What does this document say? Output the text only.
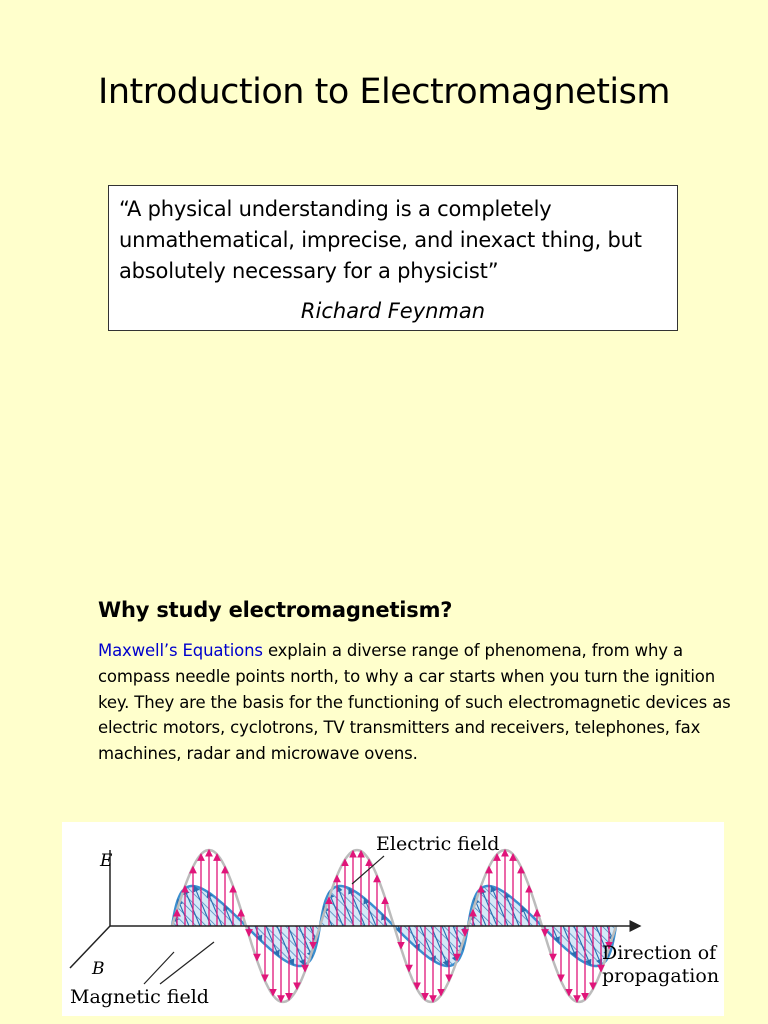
Introduction to Electromagnetism

“A physical understanding is a completely unmathematical, imprecise, and inexact thing, but absolutely necessary for a physicist”

Richard Feynman
Why study electromagnetism?

Maxwell’s Equations explain a diverse range of phenomena, from why a compass needle points north, to why a car starts when you turn the ignition key. They are the basis for the functioning of such electromagnetic devices as electric motors, cyclotrons, TV transmitters and receivers, telephones, fax machines, radar and microwave ovens.

E
B
Electric field
Magnetic field
Direction of
propagation
